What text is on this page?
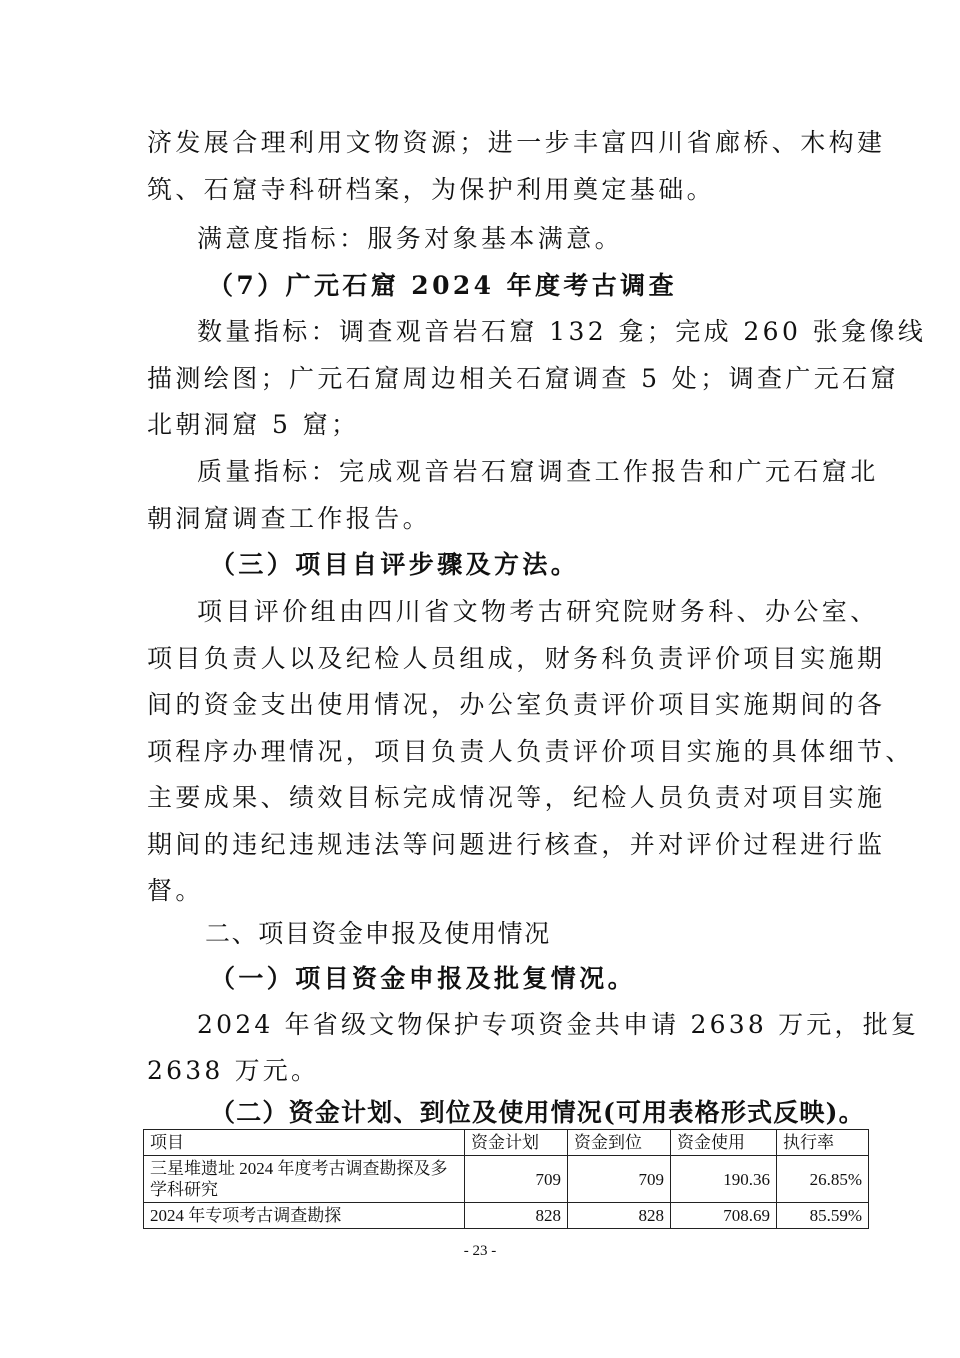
济发展合理利用文物资源；进一步丰富四川省廊桥、木构建
筑、石窟寺科研档案，为保护利用奠定基础。
满意度指标：服务对象基本满意。
（7）广元石窟 2024 年度考古调查
数量指标：调查观音岩石窟 132 龛；完成 260 张龛像线
描测绘图；广元石窟周边相关石窟调查 5 处；调查广元石窟
北朝洞窟 5 窟；
质量指标：完成观音岩石窟调查工作报告和广元石窟北
朝洞窟调查工作报告。
（三）项目自评步骤及方法。
项目评价组由四川省文物考古研究院财务科、办公室、
项目负责人以及纪检人员组成，财务科负责评价项目实施期
间的资金支出使用情况，办公室负责评价项目实施期间的各
项程序办理情况，项目负责人负责评价项目实施的具体细节、
主要成果、绩效目标完成情况等，纪检人员负责对项目实施
期间的违纪违规违法等问题进行核查，并对评价过程进行监
督。
二、项目资金申报及使用情况
（一）项目资金申报及批复情况。
2024 年省级文物保护专项资金共申请 2638 万元，批复
2638 万元。
（二）资金计划、到位及使用情况(可用表格形式反映)。
项目	资金计划	资金到位	资金使用	执行率
三星堆遗址 2024 年度考古调查勘探及多学科研究	709	709	190.36	26.85%
2024 年专项考古调查勘探	828	828	708.69	85.59%
- 23 -
